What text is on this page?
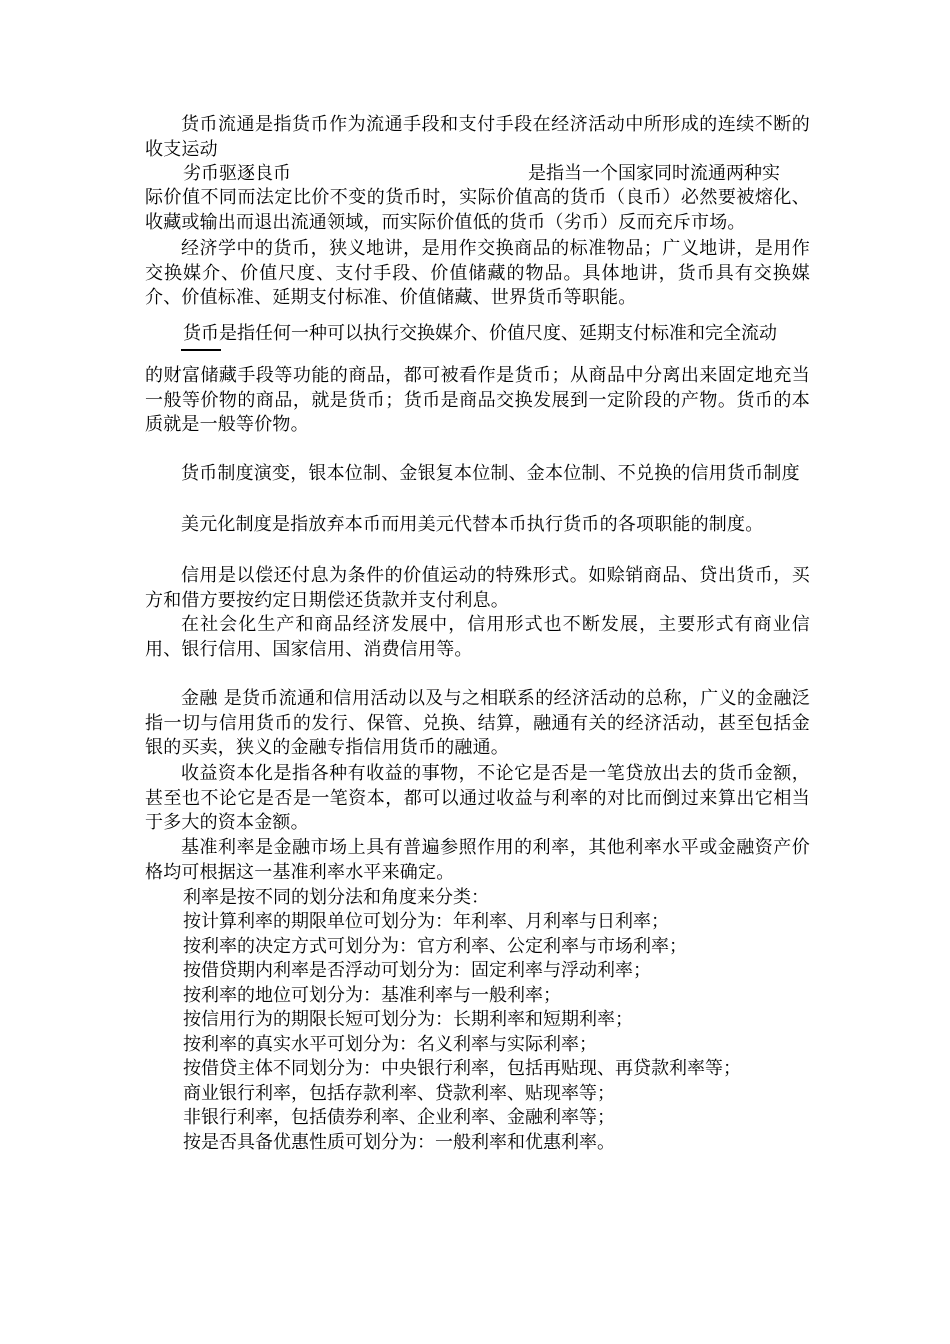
货币流通是指货币作为流通手段和支付手段在经济活动中所形成的连续不断的收支运动

劣币驱逐良币	是指当一个国家同时流通两种实

际价值不同而法定比价不变的货币时，实际价值高的货币（良币）必然要被熔化、收藏或输出而退出流通领域，而实际价值低的货币（劣币）反而充斥市场。

经济学中的货币，狭义地讲，是用作交换商品的标准物品；广义地讲，是用作交换媒介、价值尺度、支付手段、价值储藏的物品。具体地讲，货币具有交换媒介、价值标准、延期支付标准、价值储藏、世界货币等职能。

货币是指任何一种可以执行交换媒介、价值尺度、延期支付标准和完全流动

的财富储藏手段等功能的商品，都可被看作是货币；从商品中分离出来固定地充当一般等价物的商品，就是货币；货币是商品交换发展到一定阶段的产物。货币的本质就是一般等价物。

货币制度演变，银本位制、金银复本位制、金本位制、不兑换的信用货币制度

美元化制度是指放弃本币而用美元代替本币执行货币的各项职能的制度。

信用是以偿还付息为条件的价值运动的特殊形式。如赊销商品、贷出货币，买方和借方要按约定日期偿还货款并支付利息。

在社会化生产和商品经济发展中，信用形式也不断发展，主要形式有商业信用、银行信用、国家信用、消费信用等。

金融 是货币流通和信用活动以及与之相联系的经济活动的总称，广义的金融泛指一切与信用货币的发行、保管、兑换、结算，融通有关的经济活动，甚至包括金银的买卖，狭义的金融专指信用货币的融通。

收益资本化是指各种有收益的事物，不论它是否是一笔贷放出去的货币金额，甚至也不论它是否是一笔资本，都可以通过收益与利率的对比而倒过来算出它相当于多大的资本金额。

基准利率是金融市场上具有普遍参照作用的利率，其他利率水平或金融资产价格均可根据这一基准利率水平来确定。

利率是按不同的划分法和角度来分类：

按计算利率的期限单位可划分为：年利率、月利率与日利率；

按利率的决定方式可划分为：官方利率、公定利率与市场利率；

按借贷期内利率是否浮动可划分为：固定利率与浮动利率；

按利率的地位可划分为：基准利率与一般利率；

按信用行为的期限长短可划分为：长期利率和短期利率；

按利率的真实水平可划分为：名义利率与实际利率；

按借贷主体不同划分为：中央银行利率，包括再贴现、再贷款利率等；

商业银行利率，包括存款利率、贷款利率、贴现率等；

非银行利率，包括债券利率、企业利率、金融利率等；

按是否具备优惠性质可划分为：一般利率和优惠利率。
